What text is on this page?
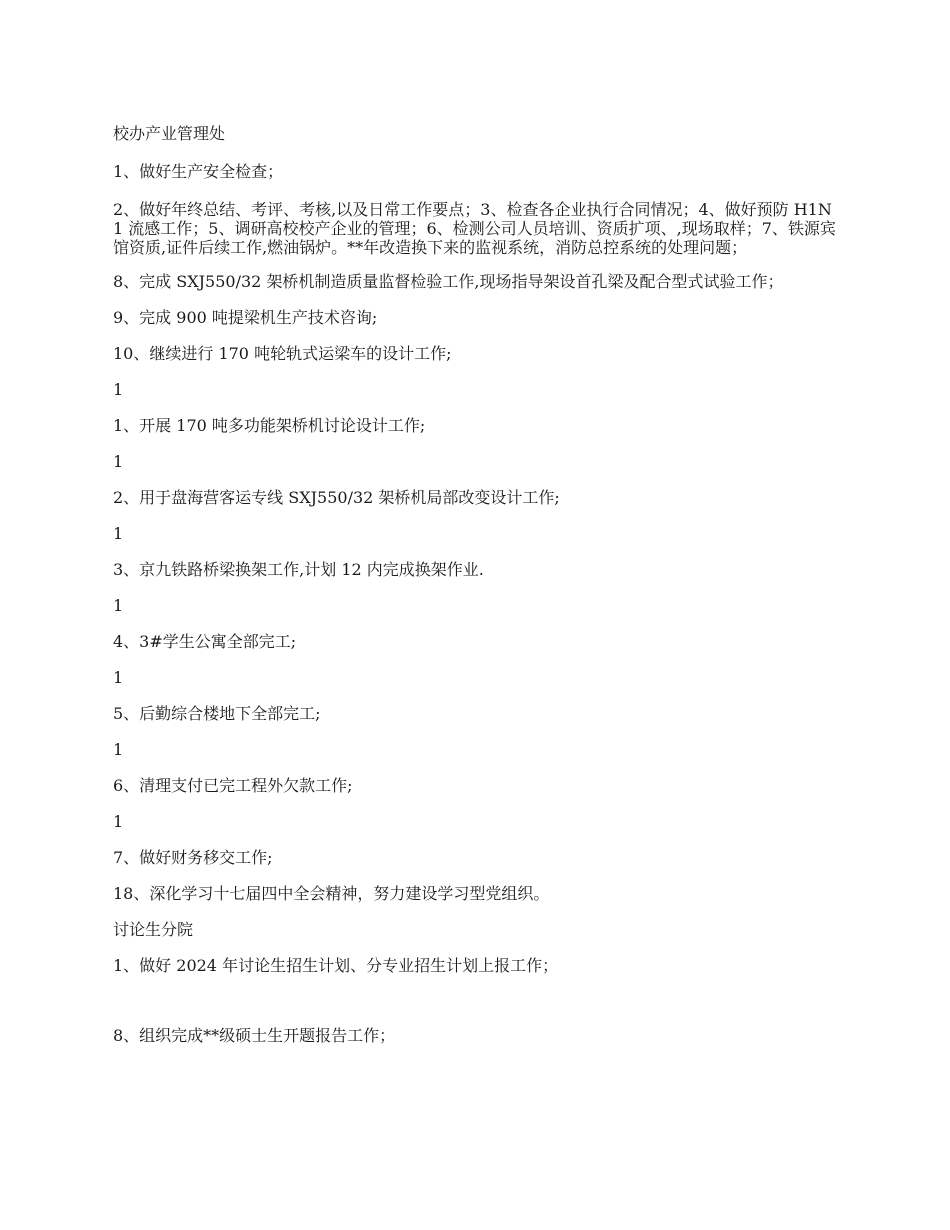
校办产业管理处

1、做好生产安全检查；

2、做好年终总结、考评、考核,以及日常工作要点；3、检查各企业执行合同情况；4、做好预防 H1N1 流感工作；5、调研高校校产企业的管理；6、检测公司人员培训、资质扩项、,现场取样；7、铁源宾馆资质,证件后续工作,燃油锅炉。**年改造换下来的监视系统，消防总控系统的处理问题；

8、完成 SXJ550/32 架桥机制造质量监督检验工作,现场指导架设首孔梁及配合型式试验工作；

9、完成 900 吨提梁机生产技术咨询;

10、继续进行 170 吨轮轨式运梁车的设计工作;

1

1、开展 170 吨多功能架桥机讨论设计工作;

1

2、用于盘海营客运专线 SXJ550/32 架桥机局部改变设计工作;

1

3、京九铁路桥梁换架工作,计划 12 内完成换架作业.

1

4、3#学生公寓全部完工;

1

5、后勤综合楼地下全部完工;

1

6、清理支付已完工程外欠款工作;

1

7、做好财务移交工作;

18、深化学习十七届四中全会精神，努力建设学习型党组织。

讨论生分院

1、做好 2024 年讨论生招生计划、分专业招生计划上报工作；

8、组织完成**级硕士生开题报告工作；
